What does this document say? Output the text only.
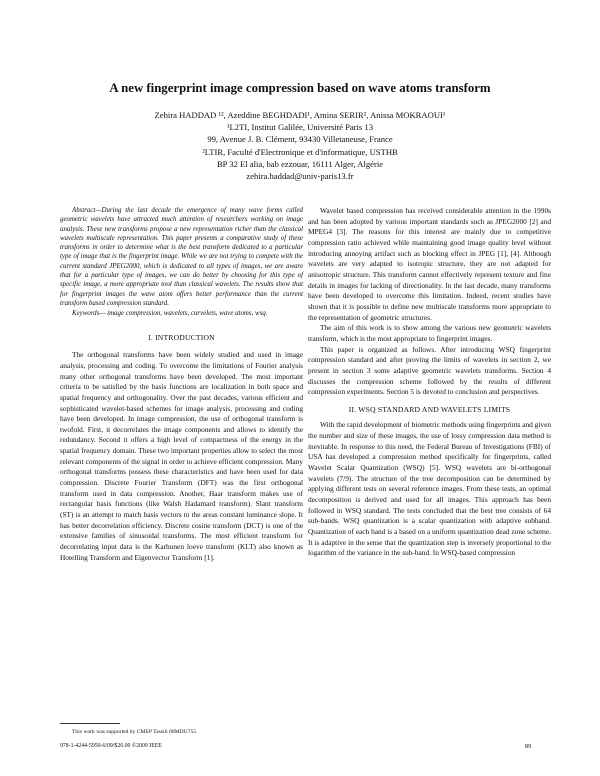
A new fingerprint image compression based on wave atoms transform
Zehira HADDAD ¹², Azeddine BEGHDADI¹, Amina SERIR², Anissa MOKRAOUI¹
¹L2TI, Institut Galilée, Université Paris 13
99, Avenue J. B. Clément, 93430 Villetaneuse, France
²LTIR, Faculté d'Electronique et d'informatique, USTHB
BP 32 El alia, bab ezzouar, 16111 Alger, Algérie
zehira.haddad@univ-paris13.fr

Abstract—During the last decade the emergence of many wave forms called geometric wavelets have attracted much attention of researchers working on image analysis. These new transforms propose a new representation richer than the classical wavelets multiscale representation. This paper presents a comparative study of these transforms in order to determine what is the best transform dedicated to a particular type of image that is the fingerprint image. While we are not trying to compete with the current standard JPEG2000, which is dedicated to all types of images, we are aware that for a particular type of images, we can do better by choosing for this type of specific image, a more appropriate tool than classical wavelets. The results show that for fingerprint images the wave atom offers better performance than the current transform based compression standard.

Keywords— image compression, wavelets, curvelets, wave atoms, wsq.

I. INTRODUCTION

The orthogonal transforms have been widely studied and used in image analysis, processing and coding. To overcome the limitations of Fourier analysis many other orthogonal transforms have been developed. The most important criteria to be satisfied by the basis functions are localization in both space and spatial frequency and orthogonality. Over the past decades, various efficient and sophisticated wavelet-based schemes for image analysis, processing and coding have been developed. In image compression, the use of orthogonal transform is twofold. First, it decorrelates the image components and allows to identify the redundancy. Second it offers a high level of compactness of the energy in the spatial frequency domain. These two important properties allow to select the most relevant components of the signal in order to achieve efficient compression. Many orthogonal transforms possess these characteristics and have been used for data compression. Discrete Fourier Transform (DFT) was the first orthogonal transform used in data compression. Another, Haar transform makes use of rectangular basis functions (like Walsh Hadamard transform). Slant transform (ST) is an attempt to match basis vectors to the areas constant luminance slope. It has better decorrelation efficiency. Discrete cosine transform (DCT) is one of the extensive families of sinusoidal transforms. The most efficient transform for decorrelating input data is the Karhunen loeve transform (KLT) also known as Hotelling Transform and Eigenvector Transform [1].

Wavelet based compression has received considerable attention in the 1990s and has been adopted by various important standards such as JPEG2000 [2] and MPEG4 [3]. The reasons for this interest are mainly due to competitive compression ratio achieved while maintaining good image quality level without introducing annoying artifact such as blocking effect in JPEG [1], [4]. Although wavelets are very adapted to isotropic structure, they are not adapted for anisotropic structure. This transform cannot effectively represent texture and fine details in images for lacking of directionality. In the last decade, many transforms have been developed to overcome this limitation. Indeed, recent studies have shown that it is possible to define new multiscale transforms more appropriate to the representation of geometric structures.

The aim of this work is to show among the various new geometric wavelets transform, which is the most appropriate to fingerprint images.

This paper is organized as follows. After introducing WSQ fingerprint compression standard and after proving the limits of wavelets in section 2, we present in section 3 some adaptive geometric wavelets transforms. Section 4 discusses the compression scheme followed by the results of different compression experiments. Section 5 is devoted to conclusion and perspectives.

II. WSQ STANDARD AND WAVELETS LIMITS

With the rapid development of biometric methods using fingerprints and given the number and size of these images, the use of lossy compression data method is inevitable. In response to this need, the Federal Bureau of Investigations (FBI) of USA has developed a compression method specifically for fingerprints, called Wavelet Scalar Quantization (WSQ) [5]. WSQ wavelets are bi-orthogonal wavelets (7/9). The structure of the tree decomposition can be determined by applying different tests on several reference images. From these tests, an optimal decomposition is derived and used for all images. This approach has been followed in WSQ standard. The tests concluded that the best tree consists of 64 sub-bands. WSQ quantization is a scalar quantization with adaptive subband. Quantization of each band is a based on a uniform quantization dead zone scheme. It is adaptive in the sense that the quantization step is inversely proportional to the logarithm of the variance in the sub-band. In WSQ-based compression

This work was supported by CMEP Tassili 08MDU755.
978-1-4244-5950-6/09/$26.00 ©2009 IEEE	89
